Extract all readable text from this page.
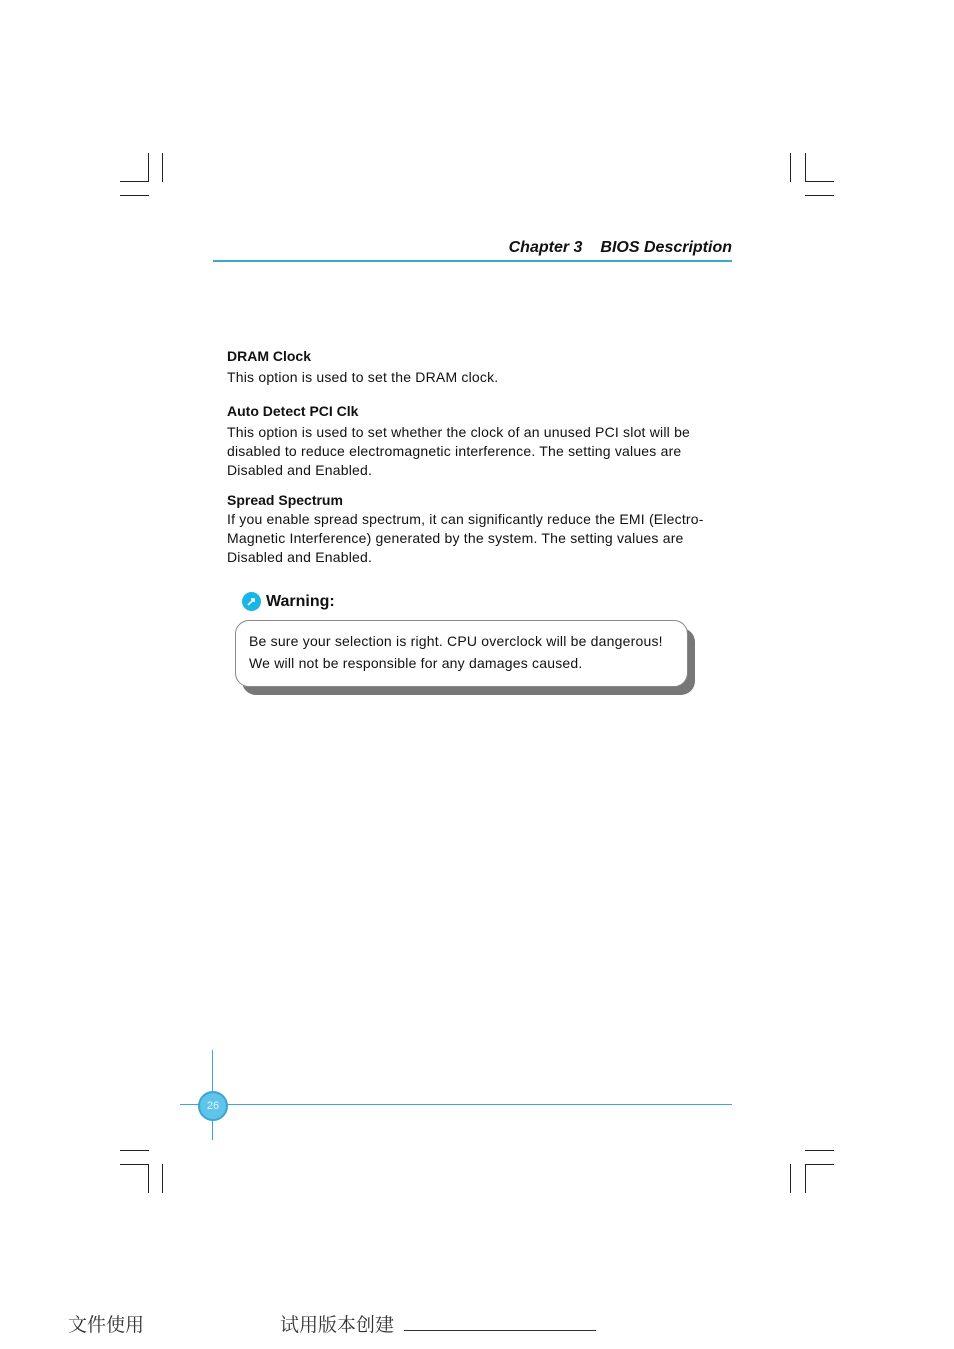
Chapter 3 BIOS Description

DRAM Clock

This option is used to set the DRAM clock.

Auto Detect PCI Clk

This option is used to set whether the clock of an unused PCI slot will be disabled to reduce electromagnetic interference. The setting values are Disabled and Enabled.

Spread Spectrum

If you enable spread spectrum, it can significantly reduce the EMI (Electro-Magnetic Interference) generated by the system. The setting values are Disabled and Enabled.

Warning:
Be sure your selection is right. CPU overclock will be dangerous!
We will not be responsible for any damages caused.
26
文件使用	试用版本创建
